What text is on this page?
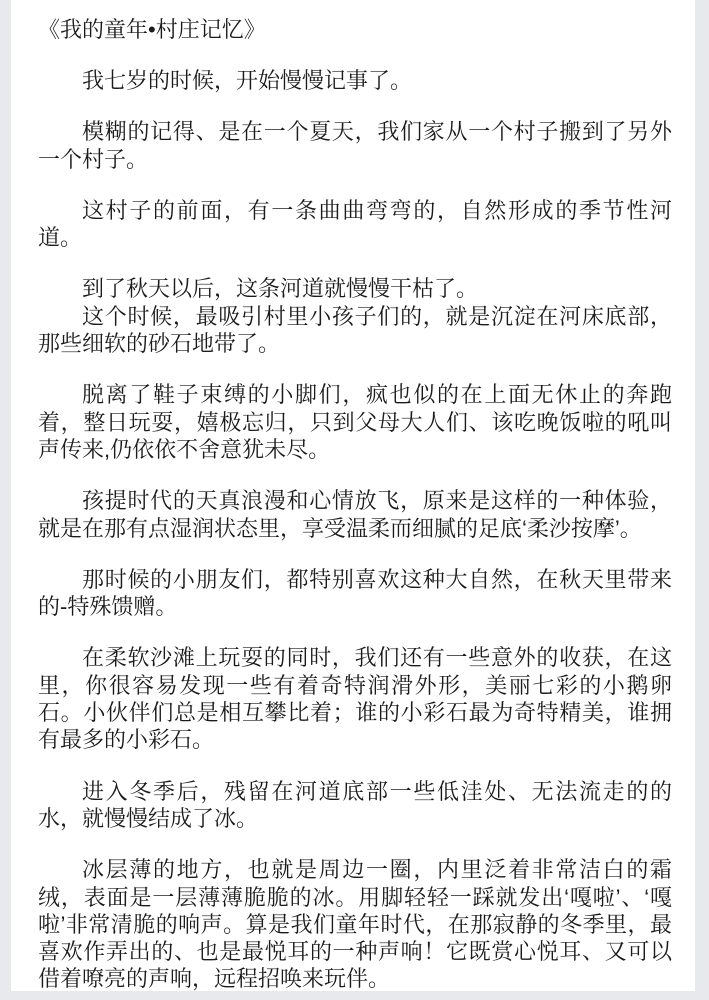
《我的童年•村庄记忆》

我七岁的时候，开始慢慢记事了。

模糊的记得、是在一个夏天，我们家从一个村子搬到了另外一个村子。

这村子的前面，有一条曲曲弯弯的，自然形成的季节性河道。

到了秋天以后，这条河道就慢慢干枯了。

这个时候，最吸引村里小孩子们的，就是沉淀在河床底部，那些细软的砂石地带了。

脱离了鞋子束缚的小脚们，疯也似的在上面无休止的奔跑着，整日玩耍，嬉极忘归，只到父母大人们、该吃晚饭啦的吼叫声传来,仍依依不舍意犹未尽。

孩提时代的天真浪漫和心情放飞，原来是这样的一种体验，就是在那有点湿润状态里，享受温柔而细腻的足底‘柔沙按摩’。

那时候的小朋友们，都特别喜欢这种大自然，在秋天里带来的-特殊馈赠。

在柔软沙滩上玩耍的同时，我们还有一些意外的收获，在这里，你很容易发现一些有着奇特润滑外形，美丽七彩的小鹅卵石。小伙伴们总是相互攀比着；谁的小彩石最为奇特精美，谁拥有最多的小彩石。

进入冬季后，残留在河道底部一些低洼处、无法流走的的水，就慢慢结成了冰。

冰层薄的地方，也就是周边一圈，内里泛着非常洁白的霜绒，表面是一层薄薄脆脆的冰。用脚轻轻一踩就发出‘嘎啦’、‘嘎啦’非常清脆的响声。算是我们童年时代，在那寂静的冬季里，最喜欢作弄出的、也是最悦耳的一种声响！它既赏心悦耳、又可以借着嘹亮的声响，远程招唤来玩伴。
